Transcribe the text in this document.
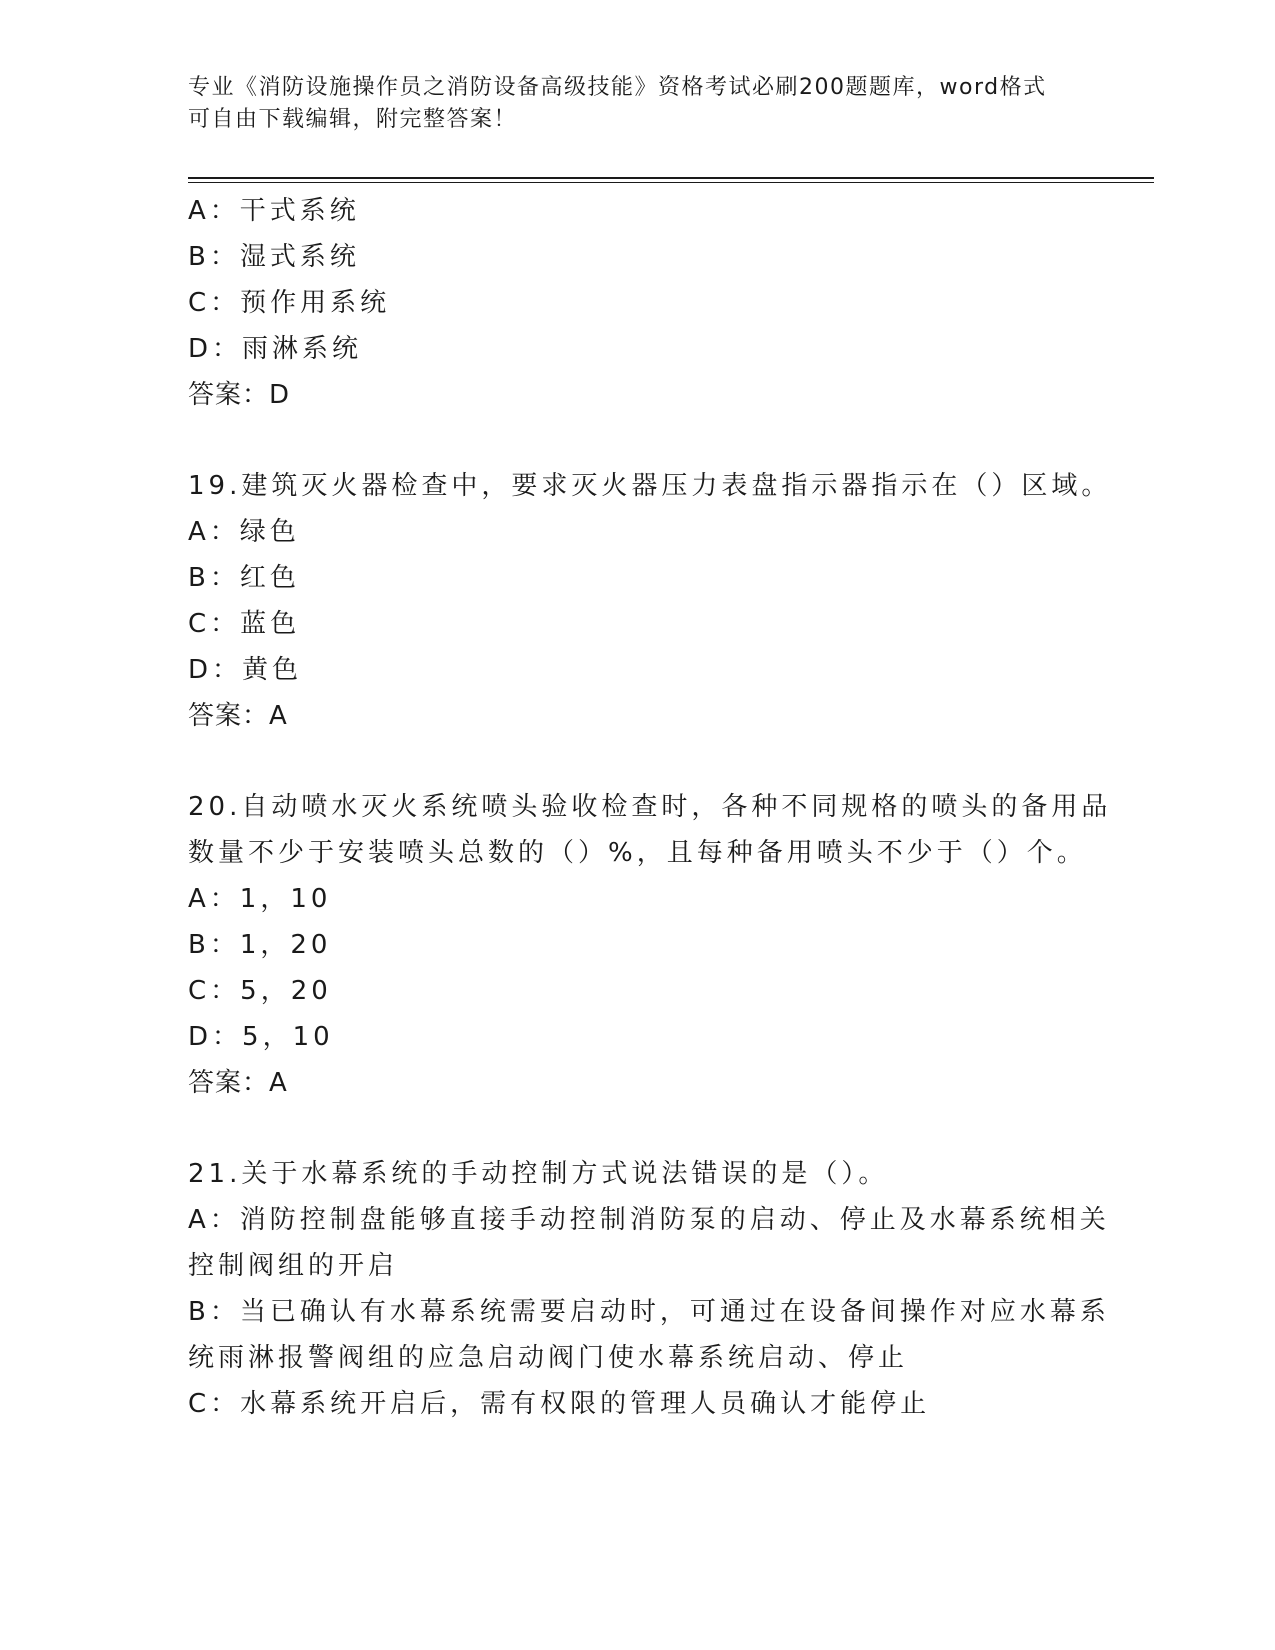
专业《消防设施操作员之消防设备高级技能》资格考试必刷200题题库，word格式可自由下载编辑，附完整答案！
A：干式系统
B：湿式系统
C：预作用系统
D：雨淋系统
答案：D
19.建筑灭火器检查中，要求灭火器压力表盘指示器指示在（）区域。
A：绿色
B：红色
C：蓝色
D：黄色
答案：A
20.自动喷水灭火系统喷头验收检查时，各种不同规格的喷头的备用品
数量不少于安装喷头总数的（）%，且每种备用喷头不少于（）个。
A：1，10
B：1，20
C：5，20
D：5，10
答案：A
21.关于水幕系统的手动控制方式说法错误的是（）。
A：消防控制盘能够直接手动控制消防泵的启动、停止及水幕系统相关
控制阀组的开启
B：当已确认有水幕系统需要启动时，可通过在设备间操作对应水幕系
统雨淋报警阀组的应急启动阀门使水幕系统启动、停止
C：水幕系统开启后，需有权限的管理人员确认才能停止
